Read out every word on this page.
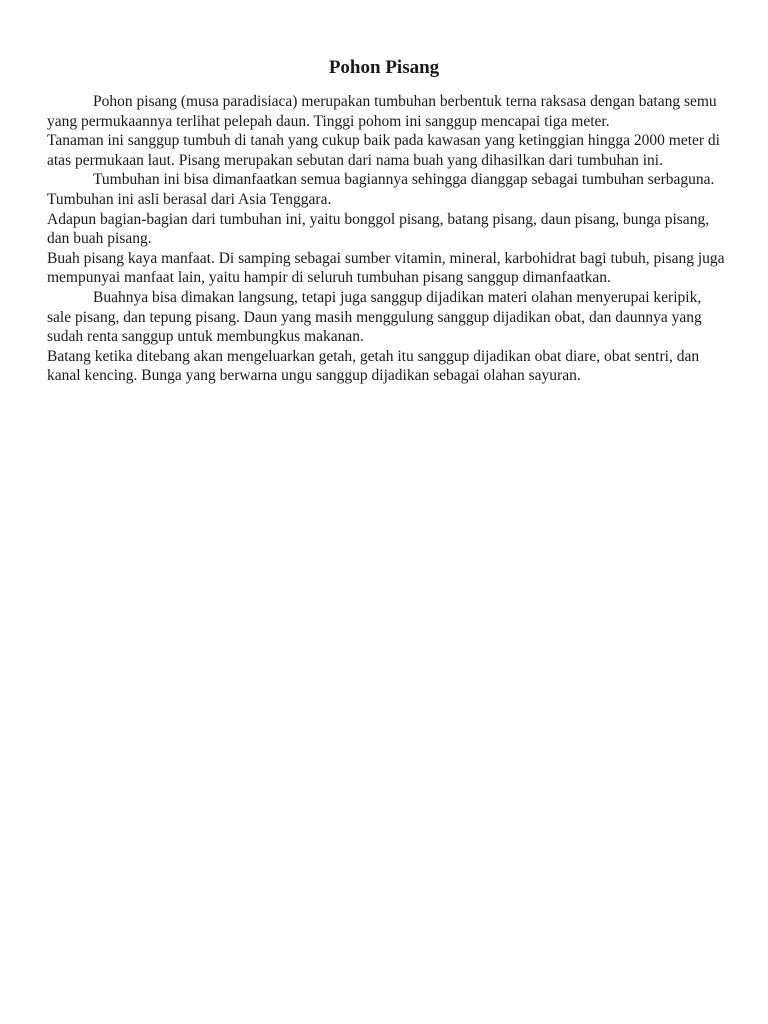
Pohon Pisang

Pohon pisang (musa paradisiaca) merupakan tumbuhan berbentuk terna raksasa dengan batang semu yang permukaannya terlihat pelepah daun. Tinggi pohom ini sanggup mencapai tiga meter.

Tanaman ini sanggup tumbuh di tanah yang cukup baik pada kawasan yang ketinggian hingga 2000 meter di atas permukaan laut. Pisang merupakan sebutan dari nama buah yang dihasilkan dari tumbuhan ini.

Tumbuhan ini bisa dimanfaatkan semua bagiannya sehingga dianggap sebagai tumbuhan serbaguna. Tumbuhan ini asli berasal dari Asia Tenggara.

Adapun bagian-bagian dari tumbuhan ini, yaitu bonggol pisang, batang pisang, daun pisang, bunga pisang, dan buah pisang.

Buah pisang kaya manfaat. Di samping sebagai sumber vitamin, mineral, karbohidrat bagi tubuh, pisang juga mempunyai manfaat lain, yaitu hampir di seluruh tumbuhan pisang sanggup dimanfaatkan.

Buahnya bisa dimakan langsung, tetapi juga sanggup dijadikan materi olahan menyerupai keripik, sale pisang, dan tepung pisang. Daun yang masih menggulung sanggup dijadikan obat, dan daunnya yang sudah renta sanggup untuk membungkus makanan.

Batang ketika ditebang akan mengeluarkan getah, getah itu sanggup dijadikan obat diare, obat sentri, dan kanal kencing. Bunga yang berwarna ungu sanggup dijadikan sebagai olahan sayuran.
